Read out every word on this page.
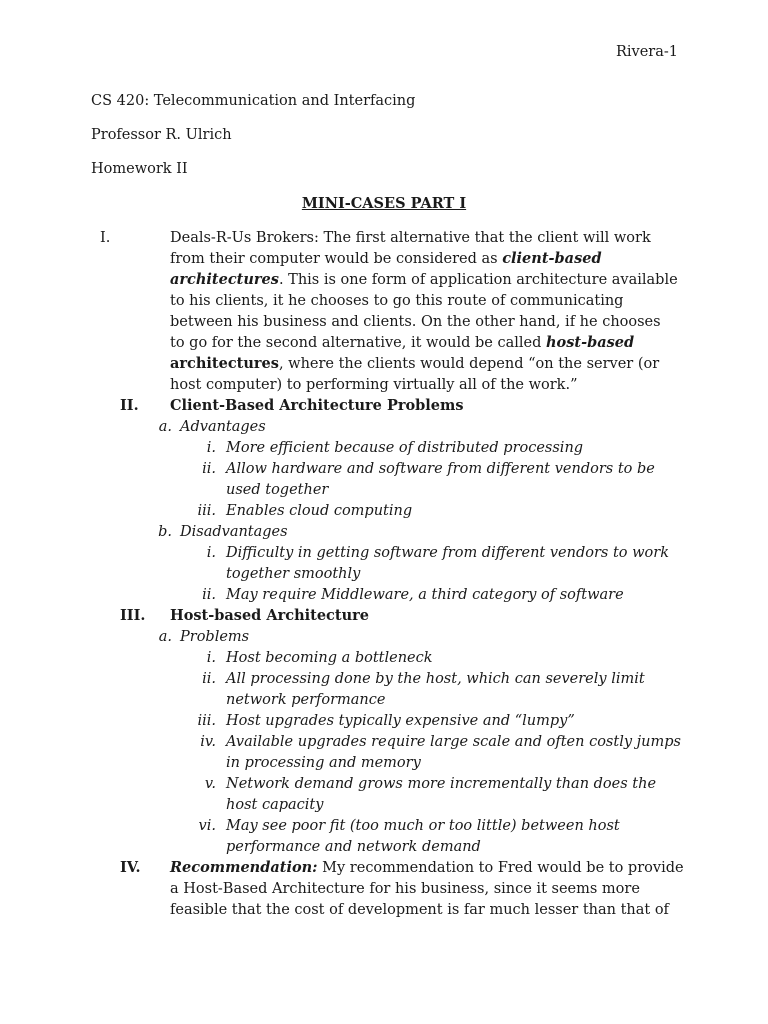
Rivera-1
CS 420: Telecommunication and Interfacing
Professor R. Ulrich
Homework II
MINI-CASES PART I
I.	Deals-R-Us Brokers: The first alternative that the client will work
from their computer would be considered as client-based
architectures. This is one form of application architecture available
to his clients, it he chooses to go this route of communicating
between his business and clients. On the other hand, if he chooses
to go for the second alternative, it would be called host-based
architectures, where the clients would depend “on the server (or
host computer) to performing virtually all of the work.”
II.	Client-Based Architecture Problems
a. Advantages
i. More efficient because of distributed processing
ii. Allow hardware and software from different vendors to be
used together
iii. Enables cloud computing
b. Disadvantages
i. Difficulty in getting software from different vendors to work
together smoothly
ii. May require Middleware, a third category of software
III.	Host-based Architecture
a. Problems
i. Host becoming a bottleneck
ii. All processing done by the host, which can severely limit
network performance
iii. Host upgrades typically expensive and “lumpy”
iv. Available upgrades require large scale and often costly jumps
in processing and memory
v. Network demand grows more incrementally than does the
host capacity
vi. May see poor fit (too much or too little) between host
performance and network demand
IV.	Recommendation: My recommendation to Fred would be to provide
a Host-Based Architecture for his business, since it seems more
feasible that the cost of development is far much lesser than that of
